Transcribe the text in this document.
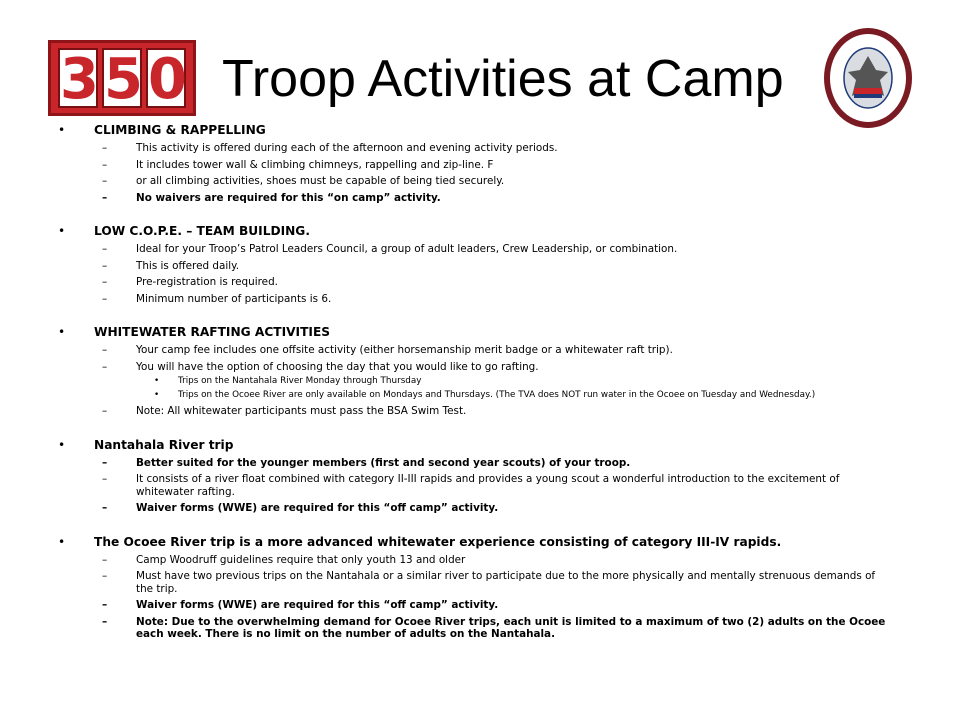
3 5 0 Troop Activities at Camp
• CLIMBING & RAPPELLING
– This activity is offered during each of the afternoon and evening activity periods.
– It includes tower wall & climbing chimneys, rappelling and zip-line. F
– or all climbing activities, shoes must be capable of being tied securely.
– No waivers are required for this “on camp” activity.
• LOW C.O.P.E. – TEAM BUILDING.
– Ideal for your Troop’s Patrol Leaders Council, a group of adult leaders, Crew Leadership, or combination.
– This is offered daily.
– Pre-registration is required.
– Minimum number of participants is 6.
• WHITEWATER RAFTING ACTIVITIES
– Your camp fee includes one offsite activity (either horsemanship merit badge or a whitewater raft trip).
– You will have the option of choosing the day that you would like to go rafting.
• Trips on the Nantahala River Monday through Thursday
• Trips on the Ocoee River are only available on Mondays and Thursdays. (The TVA does NOT run water in the Ocoee on Tuesday and Wednesday.)
– Note: All whitewater participants must pass the BSA Swim Test.
• Nantahala River trip
– Better suited for the younger members (first and second year scouts) of your troop.
– It consists of a river float combined with category II-III rapids and provides a young scout a wonderful introduction to the excitement of whitewater rafting.
– Waiver forms (WWE) are required for this “off camp” activity.
• The Ocoee River trip is a more advanced whitewater experience consisting of category III-IV rapids.
– Camp Woodruff guidelines require that only youth 13 and older
– Must have two previous trips on the Nantahala or a similar river to participate due to the more physically and mentally strenuous demands of the trip.
– Waiver forms (WWE) are required for this “off camp” activity.
– Note: Due to the overwhelming demand for Ocoee River trips, each unit is limited to a maximum of two (2) adults on the Ocoee each week. There is no limit on the number of adults on the Nantahala.
